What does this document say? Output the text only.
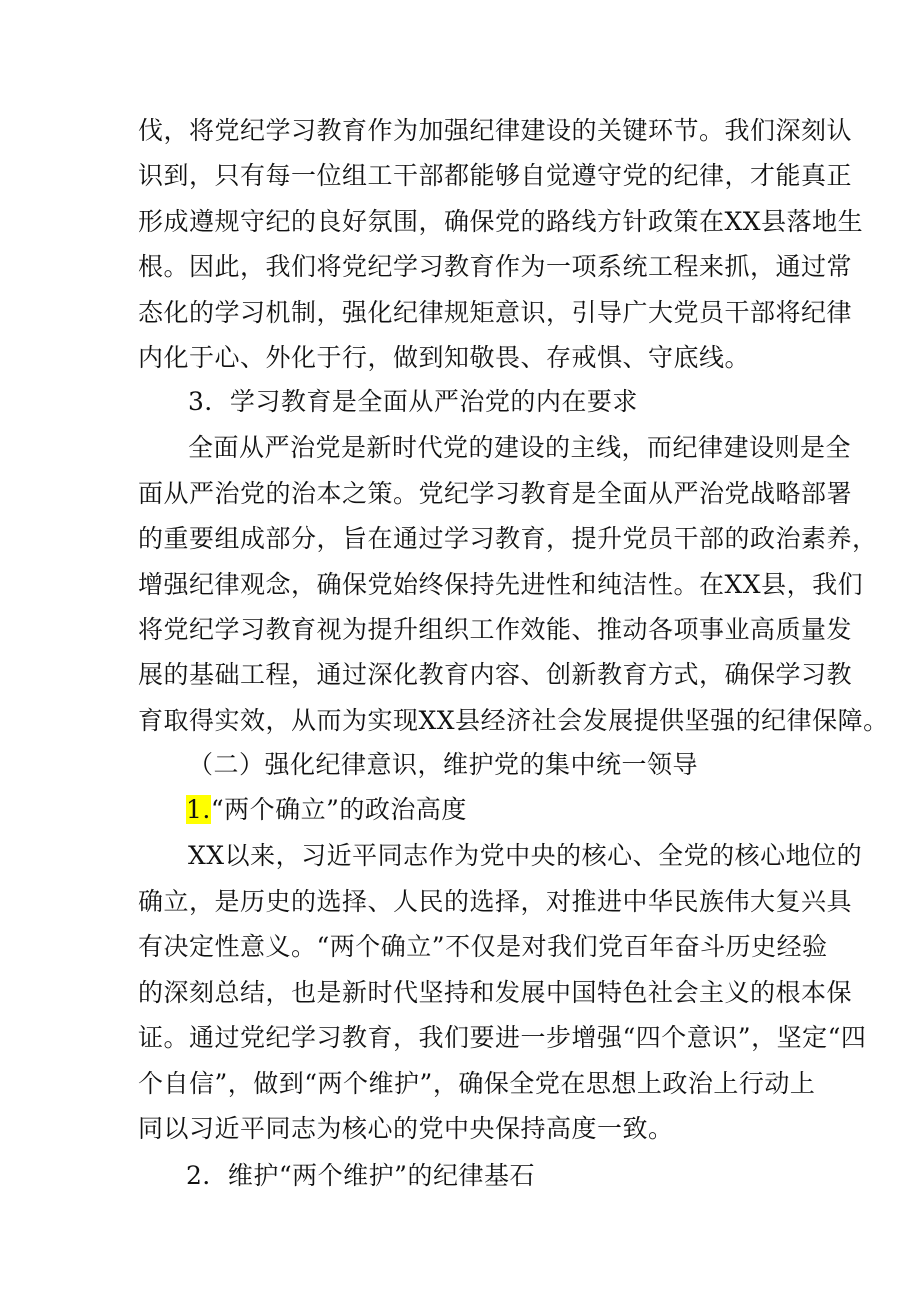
伐，将党纪学习教育作为加强纪律建设的关键环节。我们深刻认
识到，只有每一位组工干部都能够自觉遵守党的纪律，才能真正
形成遵规守纪的良好氛围，确保党的路线方针政策在XX县落地生
根。因此，我们将党纪学习教育作为一项系统工程来抓，通过常
态化的学习机制，强化纪律规矩意识，引导广大党员干部将纪律
内化于心、外化于行，做到知敬畏、存戒惧、守底线。
3．学习教育是全面从严治党的内在要求
全面从严治党是新时代党的建设的主线，而纪律建设则是全
面从严治党的治本之策。党纪学习教育是全面从严治党战略部署
的重要组成部分，旨在通过学习教育，提升党员干部的政治素养，
增强纪律观念，确保党始终保持先进性和纯洁性。在XX县，我们
将党纪学习教育视为提升组织工作效能、推动各项事业高质量发
展的基础工程，通过深化教育内容、创新教育方式，确保学习教
育取得实效，从而为实现XX县经济社会发展提供坚强的纪律保障。
（二）强化纪律意识，维护党的集中统一领导
1.“两个确立”的政治高度
XX以来，习近平同志作为党中央的核心、全党的核心地位的
确立，是历史的选择、人民的选择，对推进中华民族伟大复兴具
有决定性意义。“两个确立”不仅是对我们党百年奋斗历史经验
的深刻总结，也是新时代坚持和发展中国特色社会主义的根本保
证。通过党纪学习教育，我们要进一步增强“四个意识”，坚定“四
个自信”，做到“两个维护”，确保全党在思想上政治上行动上
同以习近平同志为核心的党中央保持高度一致。
2．维护“两个维护”的纪律基石
